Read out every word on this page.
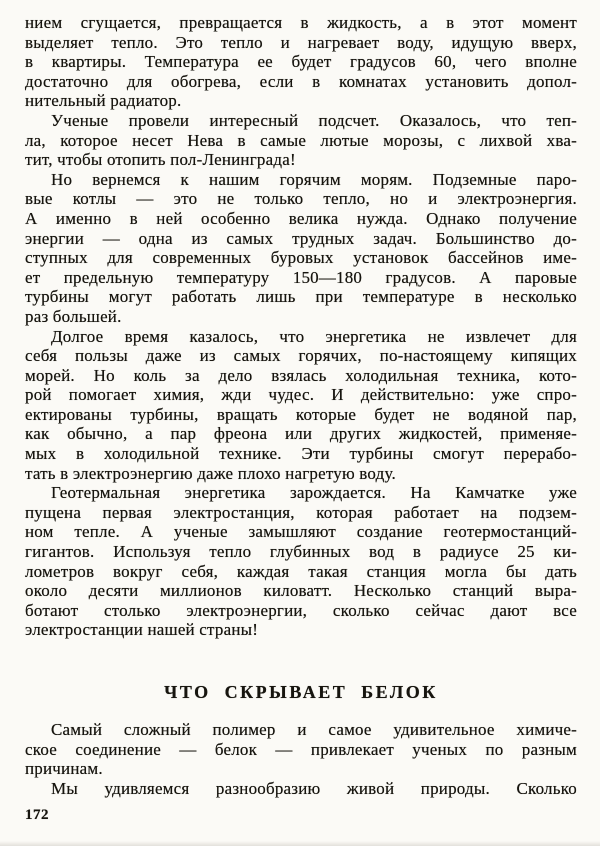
нием сгущается, превращается в жидкость, а в этот момент
выделяет тепло. Это тепло и нагревает воду, идущую вверх,
в квартиры. Температура ее будет градусов 60, чего вполне
достаточно для обогрева, если в комнатах установить допол-
нительный радиатор.
Ученые провели интересный подсчет. Оказалось, что теп-
ла, которое несет Нева в самые лютые морозы, с лихвой хва-
тит, чтобы отопить пол-Ленинграда!
Но вернемся к нашим горячим морям. Подземные паро-
вые котлы — это не только тепло, но и электроэнергия.
А именно в ней особенно велика нужда. Однако получение
энергии — одна из самых трудных задач. Большинство до-
ступных для современных буровых установок бассейнов име-
ет предельную температуру 150—180 градусов. А паровые
турбины могут работать лишь при температуре в несколько
раз большей.
Долгое время казалось, что энергетика не извлечет для
себя пользы даже из самых горячих, по-настоящему кипящих
морей. Но коль за дело взялась холодильная техника, кото-
рой помогает химия, жди чудес. И действительно: уже спро-
ектированы турбины, вращать которые будет не водяной пар,
как обычно, а пар фреона или других жидкостей, применяе-
мых в холодильной технике. Эти турбины смогут перерабо-
тать в электроэнергию даже плохо нагретую воду.
Геотермальная энергетика зарождается. На Камчатке уже
пущена первая электростанция, которая работает на подзем-
ном тепле. А ученые замышляют создание геотермостанций-
гигантов. Используя тепло глубинных вод в радиусе 25 ки-
лометров вокруг себя, каждая такая станция могла бы дать
около десяти миллионов киловатт. Несколько станций выра-
ботают столько электроэнергии, сколько сейчас дают все
электростанции нашей страны!
ЧТО СКРЫВАЕТ БЕЛОК
Самый сложный полимер и самое удивительное химиче-
ское соединение — белок — привлекает ученых по разным
причинам.
Мы удивляемся разнообразию живой природы. Сколько
172
